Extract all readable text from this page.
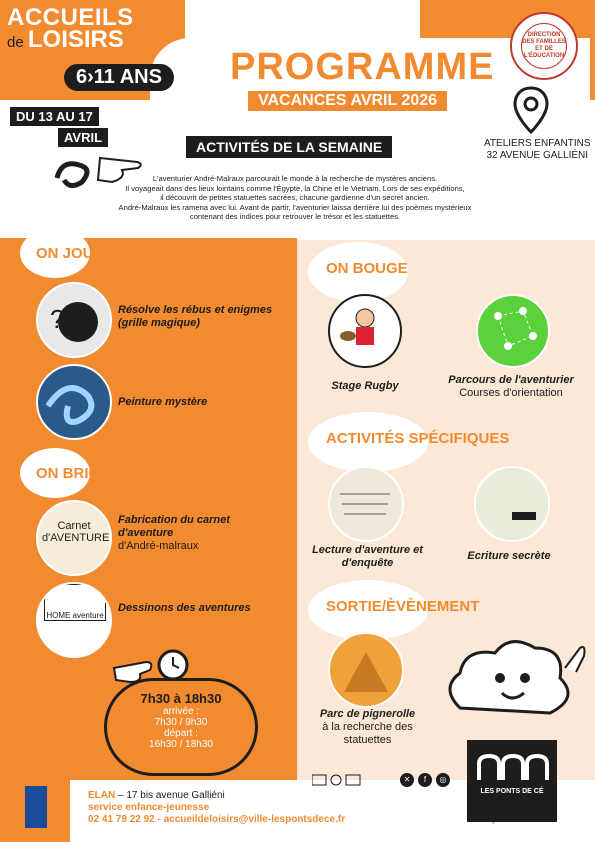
ACCUEILS
de LOISIRS
6›11 ANS	PROGRAMME
VACANCES AVRIL 2026
DIRECTION DES FAMILLES ET DE L'ÉDUCATION
DU 13 AU 17
AVRIL
ACTIVITÉS DE LA SEMAINE	ATELIERS ENFANTINS
32 AVENUE GALLIÉNI
L'aventurier André-Malraux parcourait le monde à la recherche de mystères anciens.
Il voyageait dans des lieux lointains comme l'Égypte, la Chine et le Vietnam. Lors de ses expéditions,
il découvrit de petites statuettes sacrées, chacune gardienne d'un secret ancien.
André-Malraux les ramena avec lui. Avant de partir, l'aventurier laissa derrière lui des poèmes mystérieux
contenant des indices pour retrouver le trésor et les statuettes.
ON JOUE
?	Résolve les rébus et enigmes (grille magique)
Peinture mystère
ON BRICOLE
Carnet d'AVENTURE
Fabrication du carnet d'aventure
d'André-malraux
HOME aventure
Dessinons des aventures
7h30 à 18h30
arrivée :
7h30 / 9h30
départ :
16h30 / 18h30
ON BOUGE
Stage Rugby	Parcours de l'aventurier
Courses d'orientation
ACTIVITÉS SPÉCIFIQUES
Lecture d'aventure et d'enquête
Ecriture secrète
SORTIE/ÈVÈNEMENT
Parc de pignerolle
à la recherche des statuettes
ELAN – 17 bis avenue Galliéni
service enfance-jeunesse
02 41 79 22 92 - accueildeloisirs@ville-lespontsdece.fr
✕	f	◎
LES PONTS DE CÉ
lespontsdece.fr
